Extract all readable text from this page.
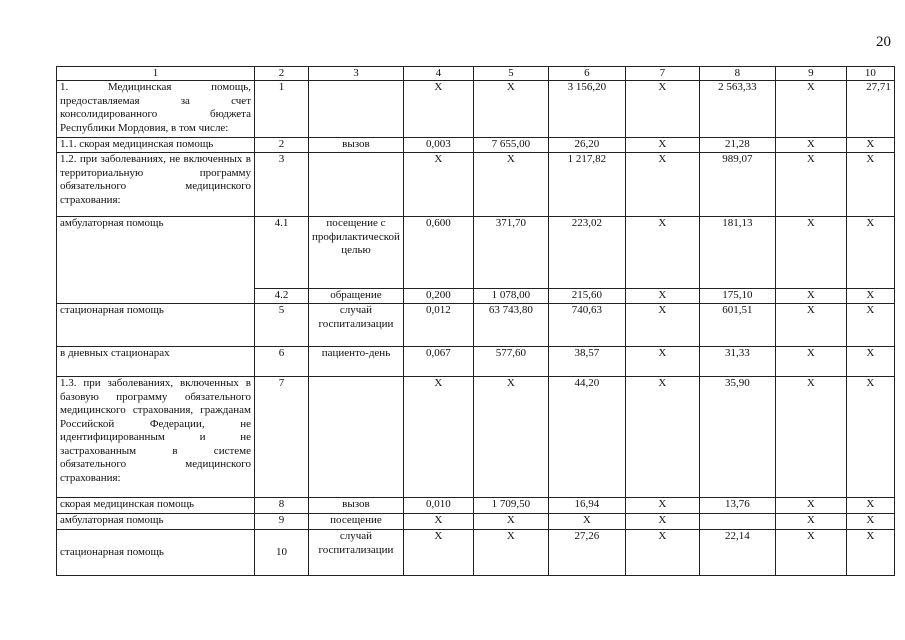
20
1	2	3	4	5	6	7	8	9	10
1. Медицинская помощь, предоставляемая за счет консолидированного бюджета Республики Мордовия, в том числе:	1		Х	Х	3 156,20	Х	2 563,33	Х	27,71
1.1. скорая медицинская помощь	2	вызов	0,003	7 655,00	26,20	Х	21,28	Х	Х
1.2. при заболеваниях, не включенных в территориальную программу обязательного медицинского страхования:	3		Х	Х	1 217,82	Х	989,07	Х	Х
амбулаторная помощь	4.1	посещение с профилактической целью	0,600	371,70	223,02	Х	181,13	Х	Х
	4.2	обращение	0,200	1 078,00	215,60	Х	175,10	Х	Х
стационарная помощь	5	случай госпитализации	0,012	63 743,80	740,63	Х	601,51	Х	Х
в дневных стационарах	6	пациенто-день	0,067	577,60	38,57	Х	31,33	Х	Х
1.3. при заболеваниях, включенных в базовую программу обязательного медицинского страхования, гражданам Российской Федерации, не идентифицированным и не застрахованным в системе обязательного медицинского страхования:	7		Х	Х	44,20	Х	35,90	Х	Х
скорая медицинская помощь	8	вызов	0,010	1 709,50	16,94	Х	13,76	Х	Х
амбулаторная помощь	9	посещение	Х	Х	Х	Х		Х	Х
стационарная помощь	10	случай госпитализации	Х	Х	27,26	Х	22,14	Х	Х
